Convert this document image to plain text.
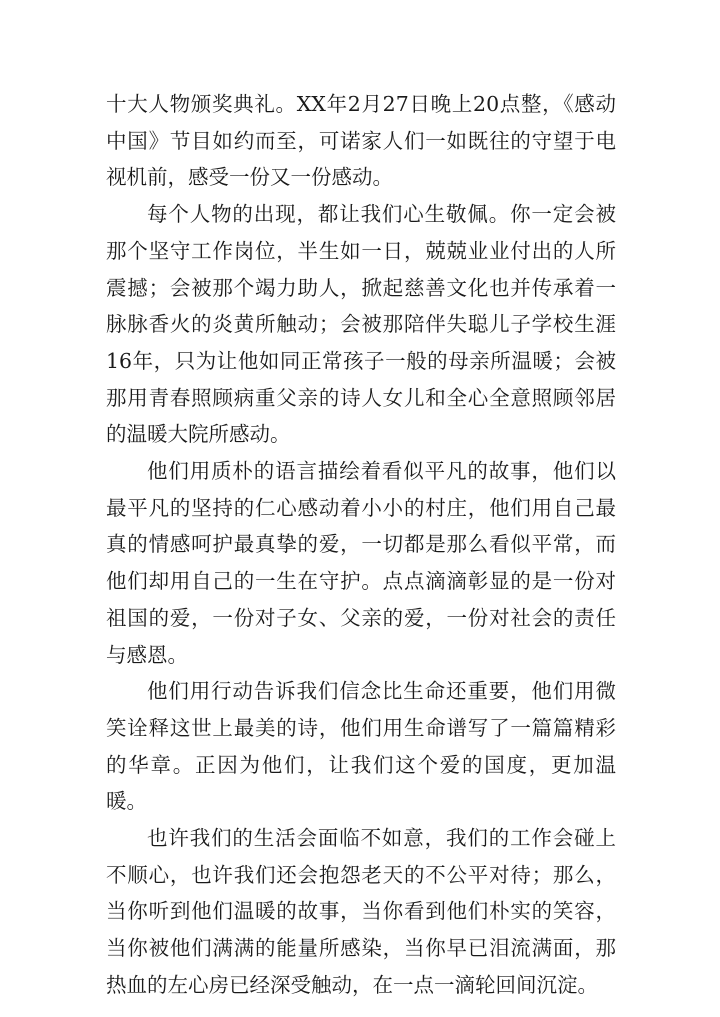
十大人物颁奖典礼。XX年2月27日晚上20点整，《感动中国》节目如约而至，可诺家人们一如既往的守望于电视机前，感受一份又一份感动。

每个人物的出现，都让我们心生敬佩。你一定会被那个坚守工作岗位，半生如一日，兢兢业业付出的人所震撼；会被那个竭力助人，掀起慈善文化也并传承着一脉脉香火的炎黄所触动；会被那陪伴失聪儿子学校生涯16年，只为让他如同正常孩子一般的母亲所温暖；会被那用青春照顾病重父亲的诗人女儿和全心全意照顾邻居的温暖大院所感动。

他们用质朴的语言描绘着看似平凡的故事，他们以最平凡的坚持的仁心感动着小小的村庄，他们用自己最真的情感呵护最真挚的爱，一切都是那么看似平常，而他们却用自己的一生在守护。点点滴滴彰显的是一份对祖国的爱，一份对子女、父亲的爱，一份对社会的责任与感恩。

他们用行动告诉我们信念比生命还重要，他们用微笑诠释这世上最美的诗，他们用生命谱写了一篇篇精彩的华章。正因为他们，让我们这个爱的国度，更加温暖。

也许我们的生活会面临不如意，我们的工作会碰上不顺心，也许我们还会抱怨老天的不公平对待；那么，当你听到他们温暖的故事，当你看到他们朴实的笑容，当你被他们满满的能量所感染，当你早已泪流满面，那热血的左心房已经深受触动，在一点一滴轮回间沉淀。
